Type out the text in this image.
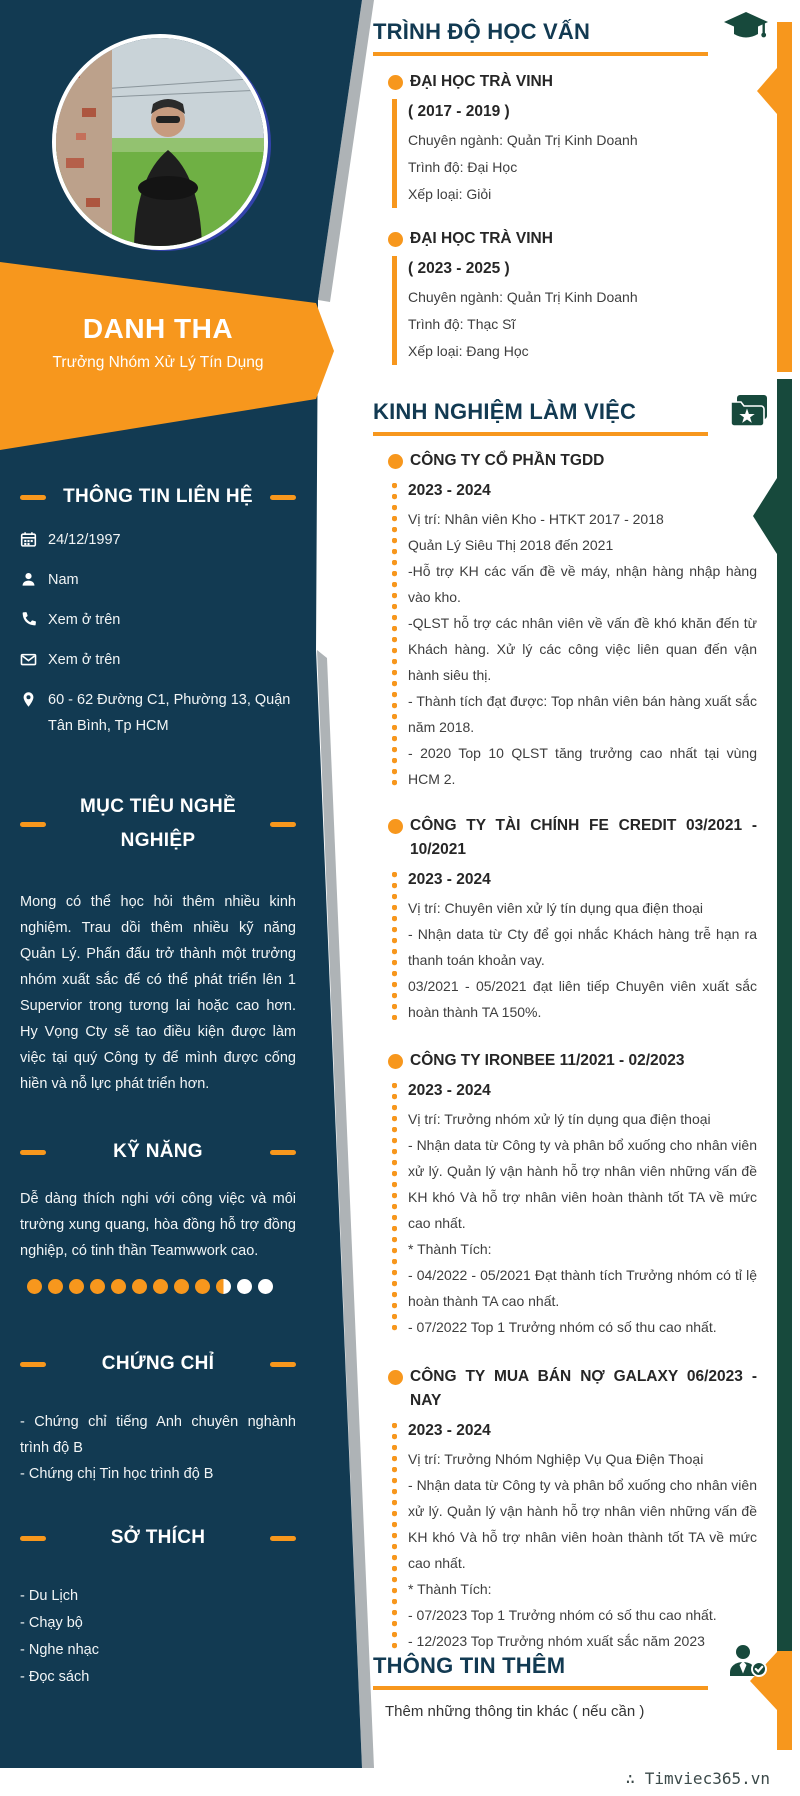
DANH THA
Trưởng Nhóm Xử Lý Tín Dụng
THÔNG TIN LIÊN HỆ
24/12/1997
Nam
Xem ở trên
Xem ở trên
60 - 62 Đường C1, Phường 13, Quận Tân Bình, Tp HCM
MỤC TIÊU NGHỀ NGHIỆP

Mong có thể học hỏi thêm nhiều kinh nghiệm. Trau dồi thêm nhiều kỹ năng Quản Lý. Phấn đấu trở thành một trưởng nhóm xuất sắc để có thể phát triển lên 1 Supervior trong tương lai hoặc cao hơn. Hy Vọng Cty sẽ tao điều kiện được làm việc tại quý Công ty để mình được cống hiền và nỗ lực phát triển hơn.

KỸ NĂNG

Dễ dàng thích nghi với công việc và môi trường xung quang, hòa đồng hỗ trợ đồng nghiệp, có tinh thần Teamwwork cao.

CHỨNG CHỈ

- Chứng chỉ tiếng Anh chuyên nghành trình độ B

- Chứng chị Tin học trình độ B

SỞ THÍCH
- Du Lịch
- Chạy bộ
- Nghe nhạc
- Đọc sách
TRÌNH ĐỘ HỌC VẤN
ĐẠI HỌC TRÀ VINH
( 2017 - 2019 )

Chuyên ngành: Quản Trị Kinh Doanh

Trình độ: Đại Học

Xếp loại: Giỏi

ĐẠI HỌC TRÀ VINH
( 2023 - 2025 )

Chuyên ngành: Quản Trị Kinh Doanh

Trình độ: Thạc Sĩ

Xếp loại: Đang Học

KINH NGHIỆM LÀM VIỆC
CÔNG TY CỔ PHẦN TGDD
2023 - 2024

Vị trí: Nhân viên Kho - HTKT 2017 - 2018

Quản Lý Siêu Thị 2018 đến 2021

-Hỗ trợ KH các vấn đề về máy, nhận hàng nhập hàng vào kho.

-QLST hỗ trợ các nhân viên về vấn đề khó khăn đến từ Khách hàng. Xử lý các công việc liên quan đến vận hành siêu thị.

- Thành tích đạt được: Top nhân viên bán hàng xuất sắc năm 2018.

- 2020 Top 10 QLST tăng trưởng cao nhất tại vùng HCM 2.

CÔNG TY TÀI CHÍNH FE CREDIT 03/2021 - 10/2021
2023 - 2024

Vị trí: Chuyên viên xử lý tín dụng qua điện thoại

- Nhận data từ Cty để gọi nhắc Khách hàng trễ hạn ra thanh toán khoản vay.

03/2021 - 05/2021 đạt liên tiếp Chuyên viên xuất sắc hoàn thành TA 150%.

CÔNG TY IRONBEE 11/2021 - 02/2023
2023 - 2024

Vị trí: Trưởng nhóm xử lý tín dụng qua điện thoại

- Nhận data từ Công ty và phân bổ xuống cho nhân viên xử lý. Quản lý vận hành hỗ trợ nhân viên những vấn đề KH khó Và hỗ trợ nhân viên hoàn thành tốt TA về mức cao nhất.

* Thành Tích:

- 04/2022 - 05/2021 Đạt thành tích Trưởng nhóm có tỉ lệ hoàn thành TA cao nhất.

- 07/2022 Top 1 Trưởng nhóm có số thu cao nhất.

CÔNG TY MUA BÁN NỢ GALAXY 06/2023 - NAY
2023 - 2024

Vị trí: Trưởng Nhóm Nghiệp Vụ Qua Điện Thoại

- Nhận data từ Công ty và phân bổ xuống cho nhân viên xử lý. Quản lý vận hành hỗ trợ nhân viên những vấn đề KH khó Và hỗ trợ nhân viên hoàn thành tốt TA về mức cao nhất.

* Thành Tích:

- 07/2023 Top 1 Trưởng nhóm có số thu cao nhất.

- 12/2023 Top Trưởng nhóm xuất sắc năm 2023

THÔNG TIN THÊM

Thêm những thông tin khác ( nếu cần )

∴ Timviec365.vn
